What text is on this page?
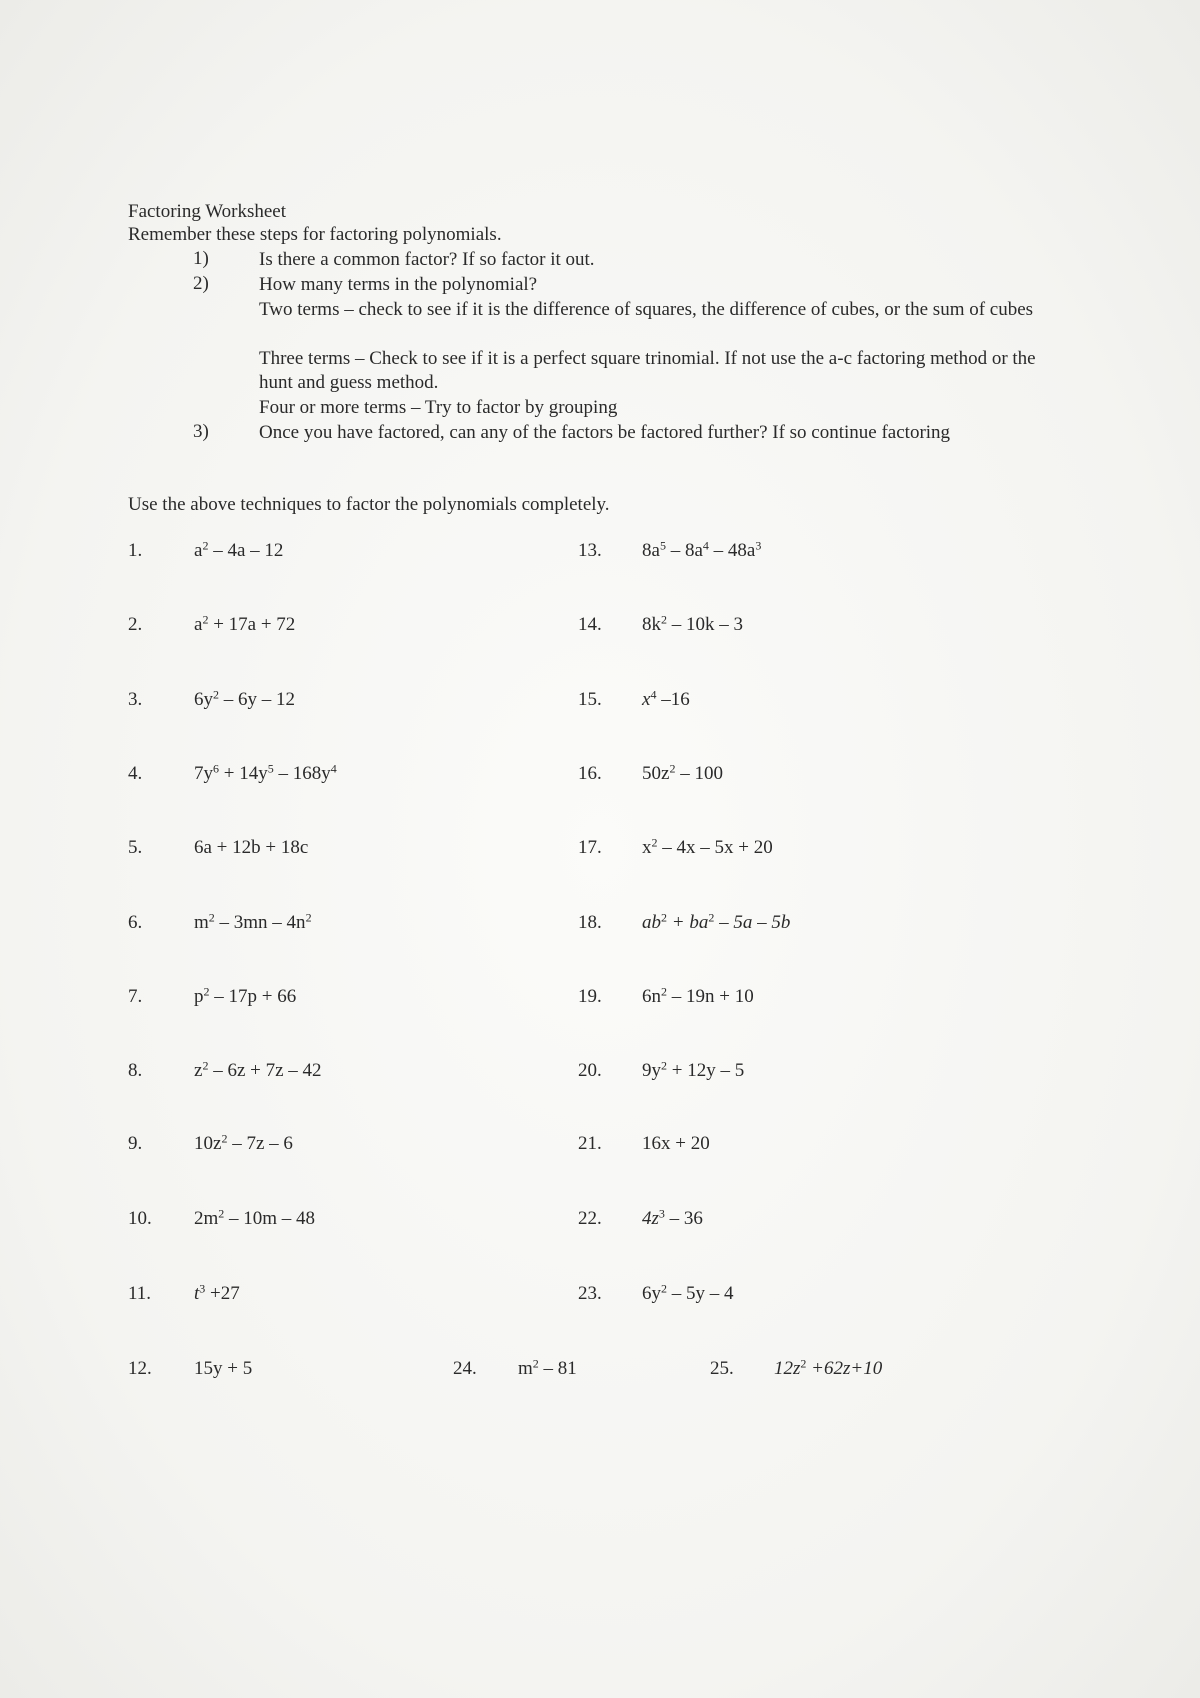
Factoring Worksheet
Remember these steps for factoring polynomials.
1)	Is there a common factor? If so factor it out.
2)	How many terms in the polynomial?
Two terms – check to see if it is the difference of squares, the difference of cubes, or the sum of cubes
Three terms – Check to see if it is a perfect square trinomial. If not use the a-c factoring method or the hunt and guess method.
Four or more terms – Try to factor by grouping
3)	Once you have factored, can any of the factors be factored further? If so continue factoring
Use the above techniques to factor the polynomials completely.
1.	$a^2 - 4a - 12$
2.	$a^2 + 17a + 72$
3.	$6y^2 - 6y - 12$
4.	$7y^6 + 14y^5 - 168y^4$
5.	6a + 12b + 18c
6.	$m^2 - 3mn - 4n^2$
7.	$p^2 - 17p + 66$
8.	$z^2 - 6z + 7z - 42$
9.	$10z^2 - 7z - 6$
10. $2m^2 - 10m - 48$
11. $t^3 +27$
12. 15y + 5
13. $8a^5 - 8a^4 - 48a^3$
14. $8k^2 - 10k - 3$
15. $x^4$ –16
16. $50z^2 - 100$
17. $x^2 - 4x - 5x + 20$
18. $ab^2 + ba^2 - 5a - 5b$
19. $6n^2 - 19n + 10$
20. $9y^2 + 12y - 5$
21. 16x + 20
22. $4z^3 - 36$
23. $6y^2 - 5y - 4$
24. $m^2 - 81$	25. $12z^2 +62z+10$
